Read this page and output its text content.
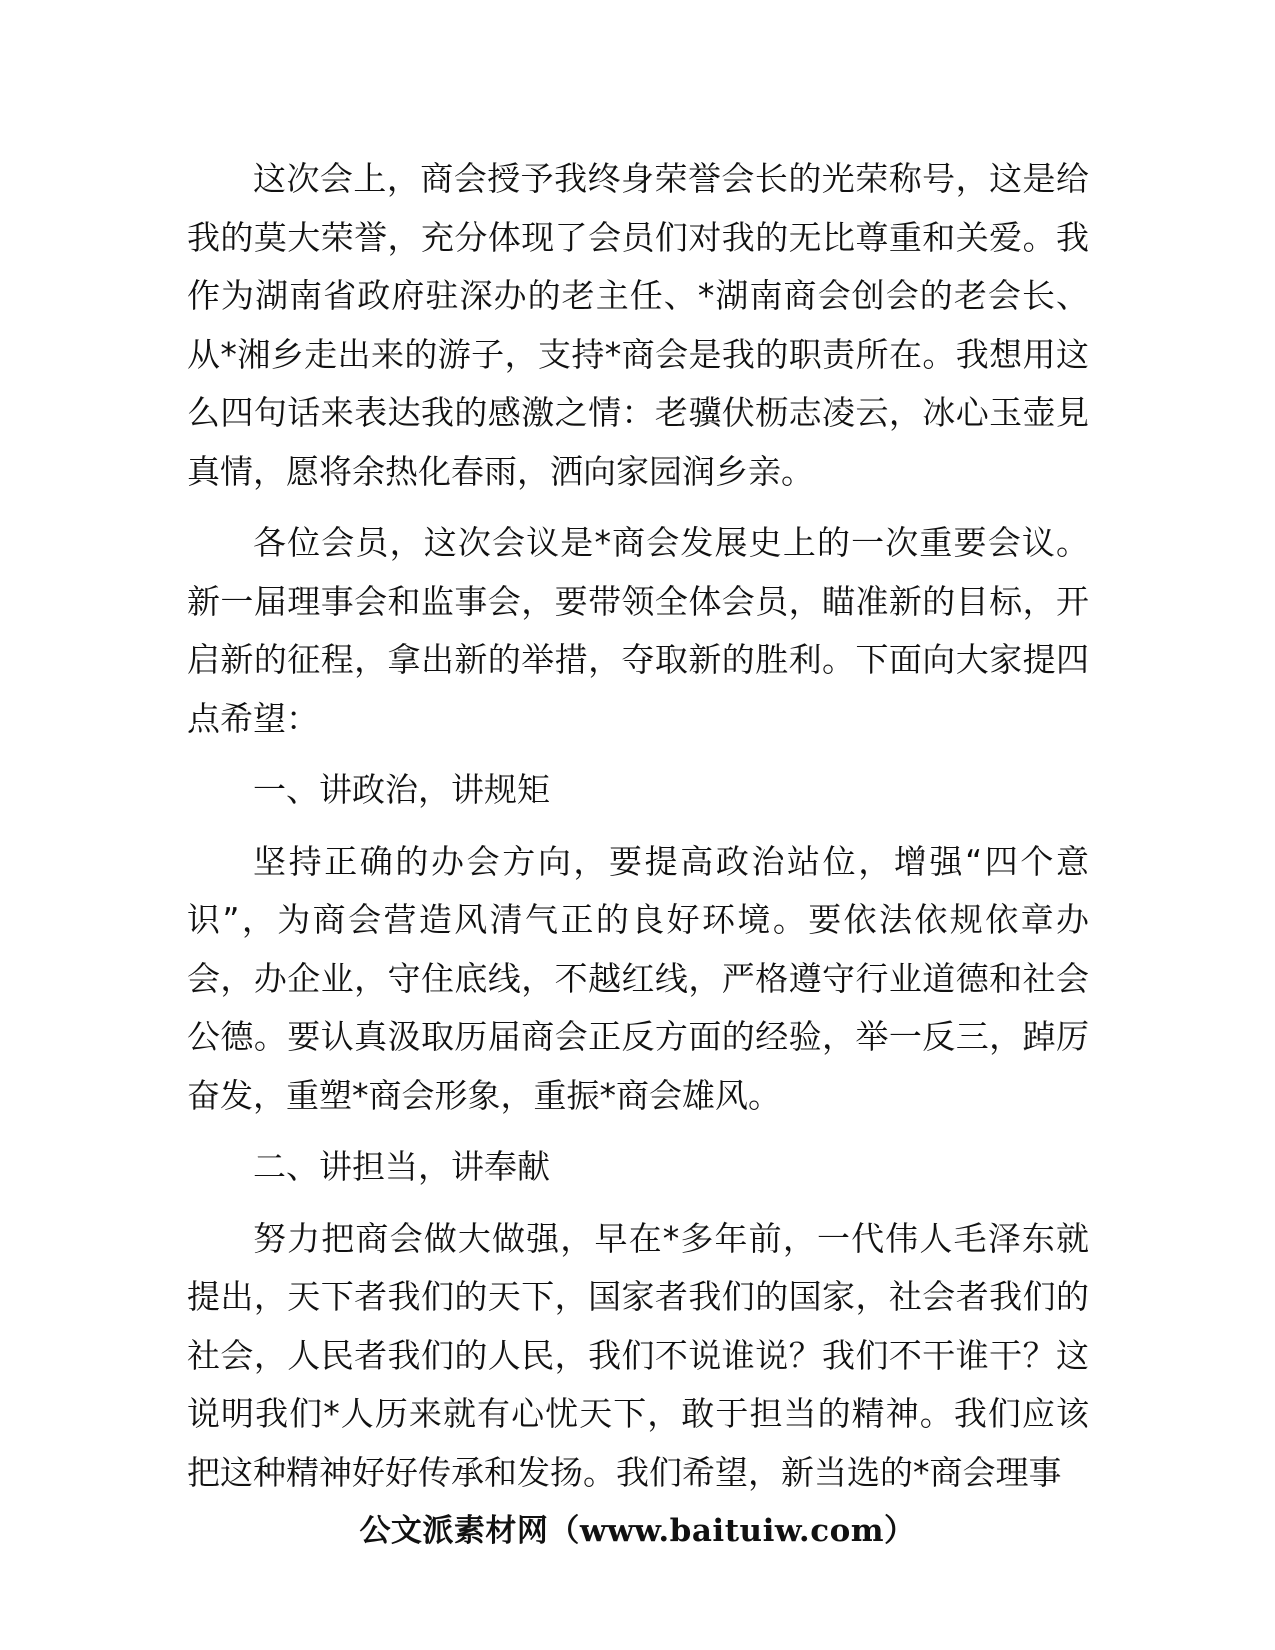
这次会上，商会授予我终身荣誉会长的光荣称号，这是给我的莫大荣誉，充分体现了会员们对我的无比尊重和关爱。我作为湖南省政府驻深办的老主任、*湖南商会创会的老会长、从*湘乡走出来的游子，支持*商会是我的职责所在。我想用这么四句话来表达我的感激之情：老骥伏枥志凌云，冰心玉壶見真情，愿将余热化春雨，洒向家园润乡亲。

各位会员，这次会议是*商会发展史上的一次重要会议。新一届理事会和监事会，要带领全体会员，瞄准新的目标，开启新的征程，拿出新的举措，夺取新的胜利。下面向大家提四点希望：

一、讲政治，讲规矩

坚持正确的办会方向，要提高政治站位，增强“四个意识”，为商会营造风清气正的良好环境。要依法依规依章办会，办企业，守住底线，不越红线，严格遵守行业道德和社会公德。要认真汲取历届商会正反方面的经验，举一反三，踔厉奋发，重塑*商会形象，重振*商会雄风。

二、讲担当，讲奉献

努力把商会做大做强，早在*多年前，一代伟人毛泽东就提出，天下者我们的天下，国家者我们的国家，社会者我们的社会，人民者我们的人民，我们不说谁说？我们不干谁干？这说明我们*人历来就有心忧天下，敢于担当的精神。我们应该把这种精神好好传承和发扬。我们希望，新当选的*商会理事

公文派素材网（www.baituiw.com）
